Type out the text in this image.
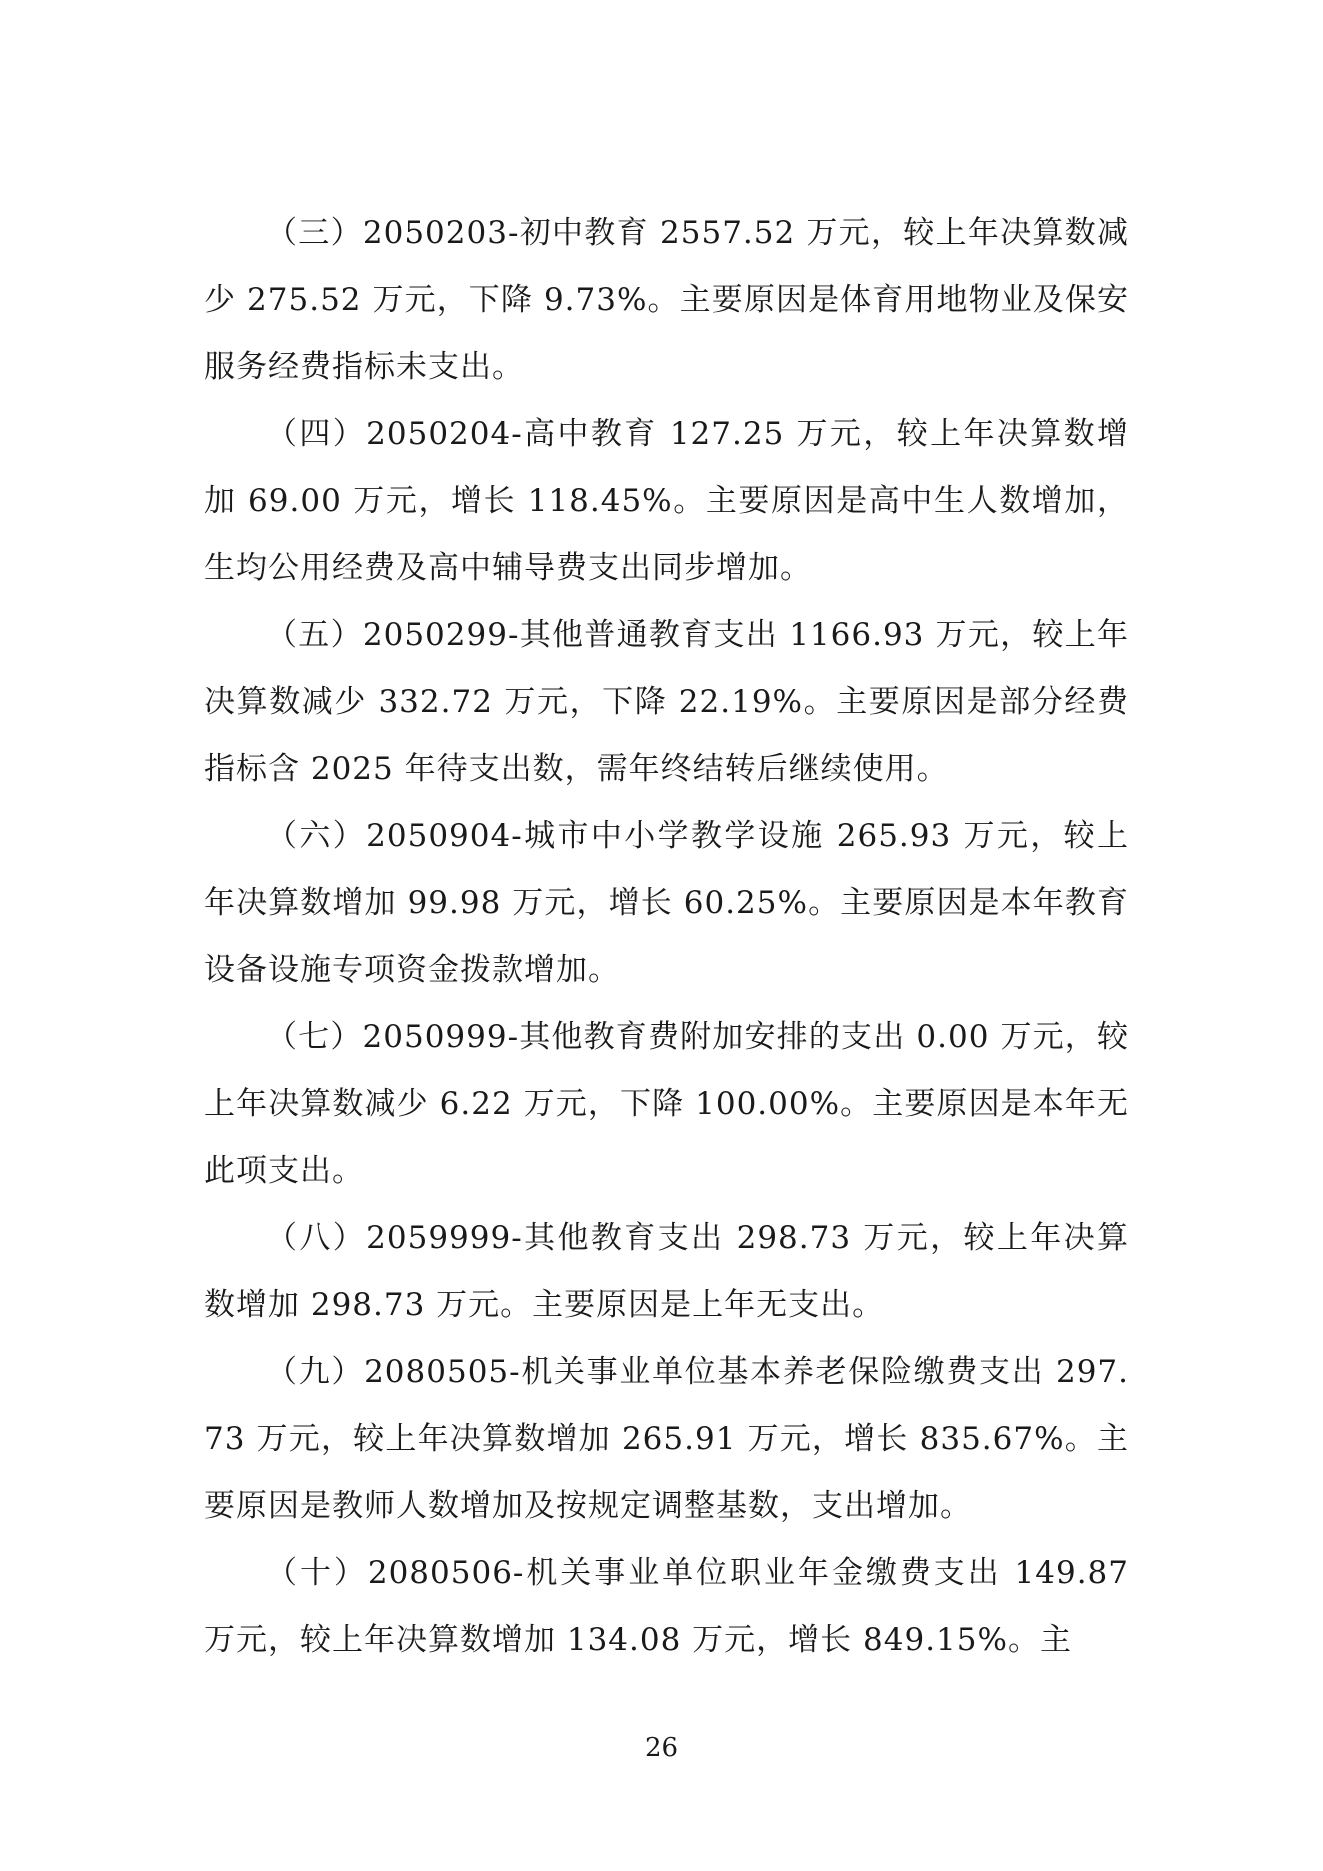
（三）2050203-初中教育 2557.52 万元，较上年决算数减少 275.52 万元，下降 9.73%。主要原因是体育用地物业及保安服务经费指标未支出。

（四）2050204-高中教育 127.25 万元，较上年决算数增加 69.00 万元，增长 118.45%。主要原因是高中生人数增加，生均公用经费及高中辅导费支出同步增加。

（五）2050299-其他普通教育支出 1166.93 万元，较上年决算数减少 332.72 万元，下降 22.19%。主要原因是部分经费指标含 2025 年待支出数，需年终结转后继续使用。

（六）2050904-城市中小学教学设施 265.93 万元，较上年决算数增加 99.98 万元，增长 60.25%。主要原因是本年教育设备设施专项资金拨款增加。

（七）2050999-其他教育费附加安排的支出 0.00 万元，较上年决算数减少 6.22 万元，下降 100.00%。主要原因是本年无此项支出。

（八）2059999-其他教育支出 298.73 万元，较上年决算数增加 298.73 万元。主要原因是上年无支出。

（九）2080505-机关事业单位基本养老保险缴费支出 297.73 万元，较上年决算数增加 265.91 万元，增长 835.67%。主要原因是教师人数增加及按规定调整基数，支出增加。

（十）2080506-机关事业单位职业年金缴费支出 149.87 万元，较上年决算数增加 134.08 万元，增长 849.15%。主

26
